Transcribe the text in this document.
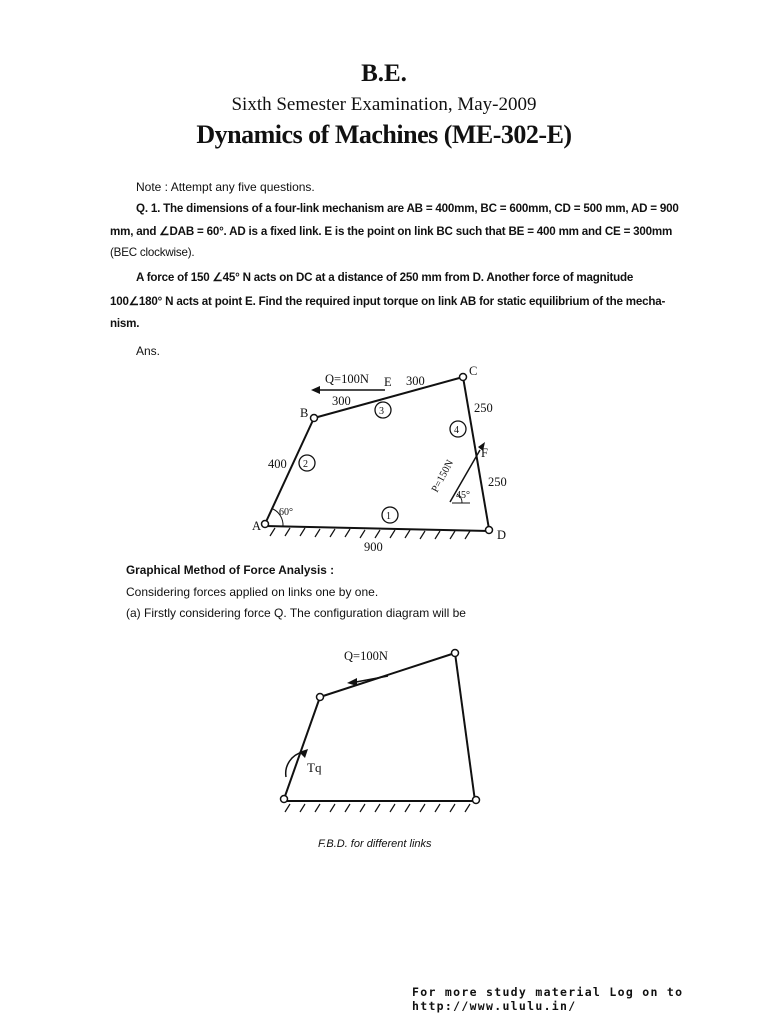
B.E.
Sixth Semester Examination, May-2009
Dynamics of Machines (ME-302-E)
Note : Attempt any five questions.
Q. 1. The dimensions of a four-link mechanism are AB = 400mm, BC = 600mm, CD = 500 mm, AD = 900
mm, and ∠DAB = 60°. AD is a fixed link. E is the point on link BC such that BE = 400 mm and CE = 300mm
(BEC clockwise).
A force of 150 ∠45° N acts on DC at a distance of 250 mm from D. Another force of magnitude
100∠180° N acts at point E. Find the required input torque on link AB for static equilibrium of the mecha-
nism.
Ans.
A
B
C
D
E
F
Q=100N
300
300
400
250
250
900
60°
45°
P=150N
2
3
4
1
Q=100N
Tq
Graphical Method of Force Analysis :
Considering forces applied on links one by one.
(a) Firstly considering force Q. The configuration diagram will be
F.B.D. for different links
For more study material Log on to http://www.ululu.in/
